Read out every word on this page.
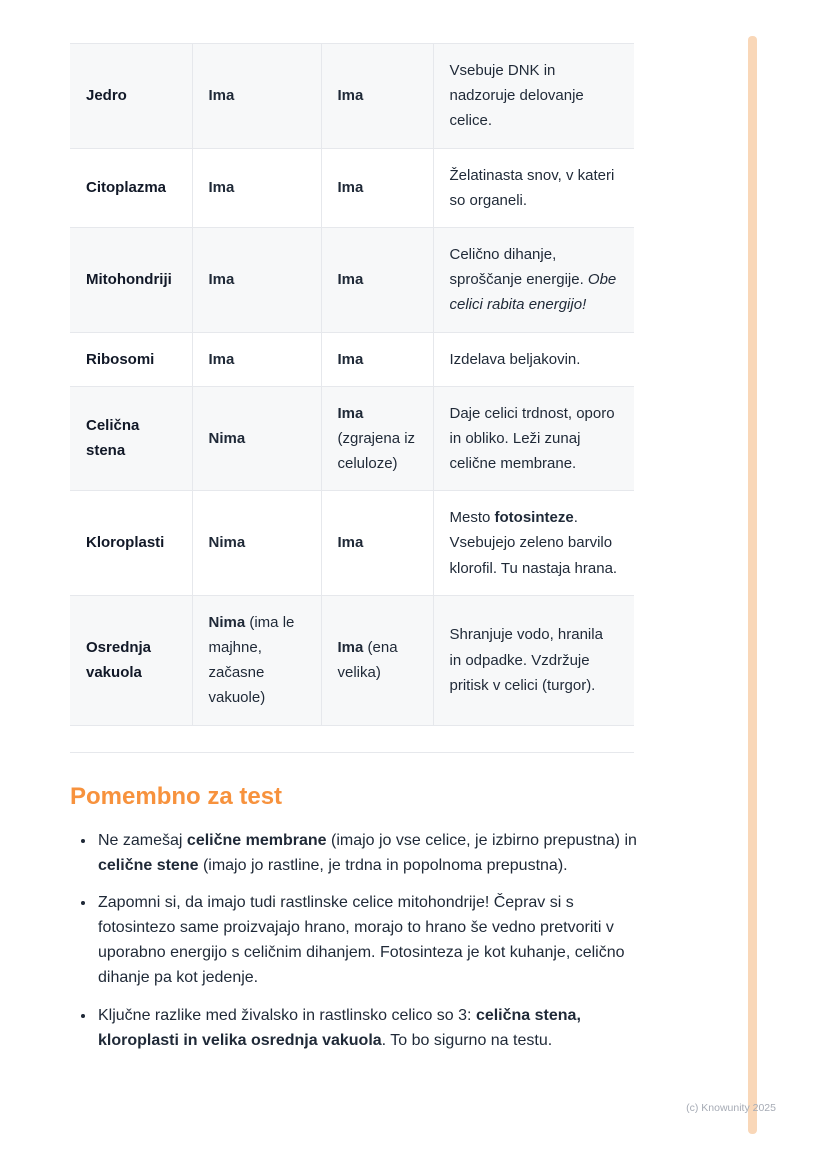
Jedro	Ima	Ima	Vsebuje DNK in nadzoruje delovanje celice.
Citoplazma	Ima	Ima	Želatinasta snov, v kateri so organeli.
Mitohondriji	Ima	Ima	Celično dihanje, sproščanje energije. Obe celici rabita energijo!
Ribosomi	Ima	Ima	Izdelava beljakovin.
Celična stena	Nima	Ima (zgrajena iz celuloze)	Daje celici trdnost, oporo in obliko. Leži zunaj celične membrane.
Kloroplasti	Nima	Ima	Mesto fotosinteze. Vsebujejo zeleno barvilo klorofil. Tu nastaja hrana.
Osrednja vakuola	Nima (ima le majhne, začasne vakuole)	Ima (ena velika)	Shranjuje vodo, hranila in odpadke. Vzdržuje pritisk v celici (turgor).
Pomembno za test
• Ne zamešaj celične membrane (imajo jo vse celice, je izbirno prepustna) in celične stene (imajo jo rastline, je trdna in popolnoma prepustna).
• Zapomni si, da imajo tudi rastlinske celice mitohondrije! Čeprav si s fotosintezo same proizvajajo hrano, morajo to hrano še vedno pretvoriti v uporabno energijo s celičnim dihanjem. Fotosinteza je kot kuhanje, celično dihanje pa kot jedenje.
• Ključne razlike med živalsko in rastlinsko celico so 3: celična stena, kloroplasti in velika osrednja vakuola. To bo sigurno na testu.
(c) Knowunity 2025
